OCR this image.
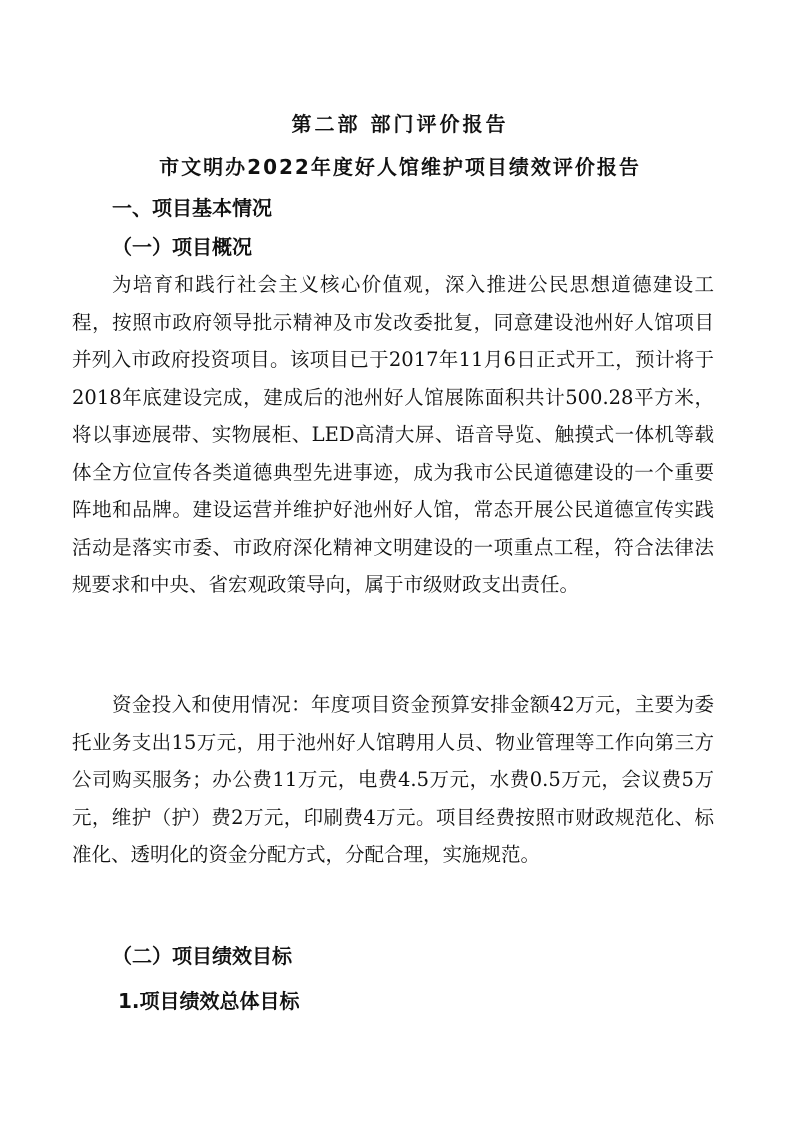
第二部 部门评价报告
市文明办2022年度好人馆维护项目绩效评价报告
一、项目基本情况
（一）项目概况

为培育和践行社会主义核心价值观，深入推进公民思想道德建设工程，按照市政府领导批示精神及市发改委批复，同意建设池州好人馆项目并列入市政府投资项目。该项目已于2017年11月6日正式开工，预计将于2018年底建设完成，建成后的池州好人馆展陈面积共计500.28平方米，将以事迹展带、实物展柜、LED高清大屏、语音导览、触摸式一体机等载体全方位宣传各类道德典型先进事迹，成为我市公民道德建设的一个重要阵地和品牌。建设运营并维护好池州好人馆，常态开展公民道德宣传实践活动是落实市委、市政府深化精神文明建设的一项重点工程，符合法律法规要求和中央、省宏观政策导向，属于市级财政支出责任。

资金投入和使用情况：年度项目资金预算安排金额42万元，主要为委托业务支出15万元，用于池州好人馆聘用人员、物业管理等工作向第三方公司购买服务；办公费11万元，电费4.5万元，水费0.5万元，会议费5万元，维护（护）费2万元，印刷费4万元。项目经费按照市财政规范化、标准化、透明化的资金分配方式，分配合理，实施规范。

（二）项目绩效目标
1.项目绩效总体目标
